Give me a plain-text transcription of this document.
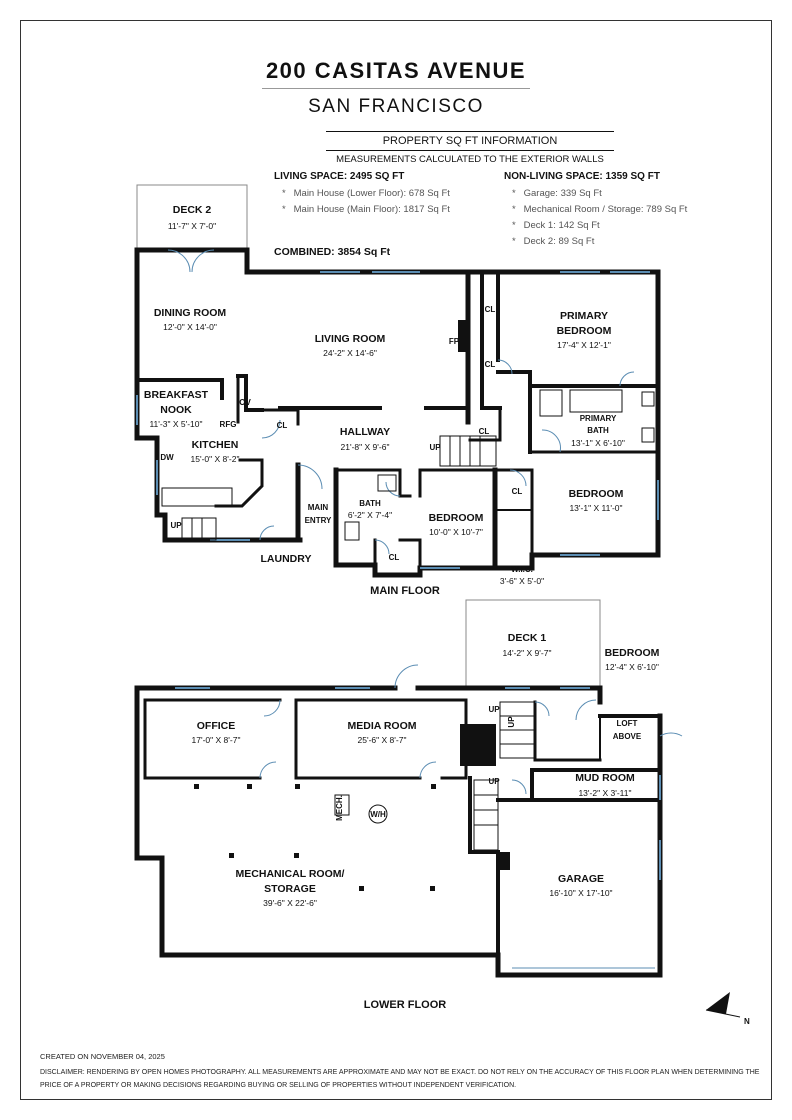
200 CASITAS AVENUE
SAN FRANCISCO
PROPERTY SQ FT INFORMATION
MEASUREMENTS CALCULATED TO THE EXTERIOR WALLS
LIVING SPACE: 2495 SQ FT
*   Main House (Lower Floor): 678 Sq Ft
*   Main House (Main Floor): 1817 Sq Ft
NON-LIVING SPACE: 1359 SQ FT
*   Garage: 339 Sq Ft
*   Mechanical Room / Storage: 789 Sq Ft
*   Deck 1: 142 Sq Ft
*   Deck 2: 89 Sq Ft
COMBINED: 3854 Sq Ft
DECK 2
11'-7" X 7'-0"
DINING ROOM
12'-0" X 14'-0"
LIVING ROOM
24'-2" X 14'-6"
PRIMARY
BEDROOM
17'-4" X 12'-1"
BREAKFAST
NOOK
11'-3" X 5'-10"
KITCHEN
15'-0" X 8'-2"
HALLWAY
21'-8" X 9'-6"
PRIMARY
BATH
13'-1" X 6'-10"
BEDROOM
13'-1" X 11'-0"
BATH
6'-2" X 7'-4"	BEDROOM
10'-0" X 10'-7"
W.I.C.
3'-6" X 5'-0"
MAIN
ENTRY
LAUNDRY
CL
CL
CL
CL
CL
CL
FP
RFG
OV
DW
UP
UP
MAIN FLOOR
DECK 1
14'-2" X 9'-7"	BEDROOM
12'-4" X 6'-10"
LOFT
ABOVE
OFFICE
17'-0" X 8'-7"
MEDIA ROOM
25'-6" X 8'-7"
MUD ROOM
13'-2" X 3'-11"
MECHANICAL ROOM/
STORAGE
39'-6" X 22'-6"
GARAGE
16'-10" X 17'-10"
MECH.	W/H
UP
UP
UP
LOWER FLOOR
N
CREATED ON NOVEMBER 04, 2025
DISCLAIMER: RENDERING BY OPEN HOMES PHOTOGRAPHY. ALL MEASUREMENTS ARE APPROXIMATE AND MAY NOT BE EXACT. DO NOT RELY ON THE ACCURACY OF THIS FLOOR PLAN WHEN DETERMINING THE PRICE OF A PROPERTY OR MAKING DECISIONS REGARDING BUYING OR SELLING OF PROPERTIES WITHOUT INDEPENDENT VERIFICATION.
